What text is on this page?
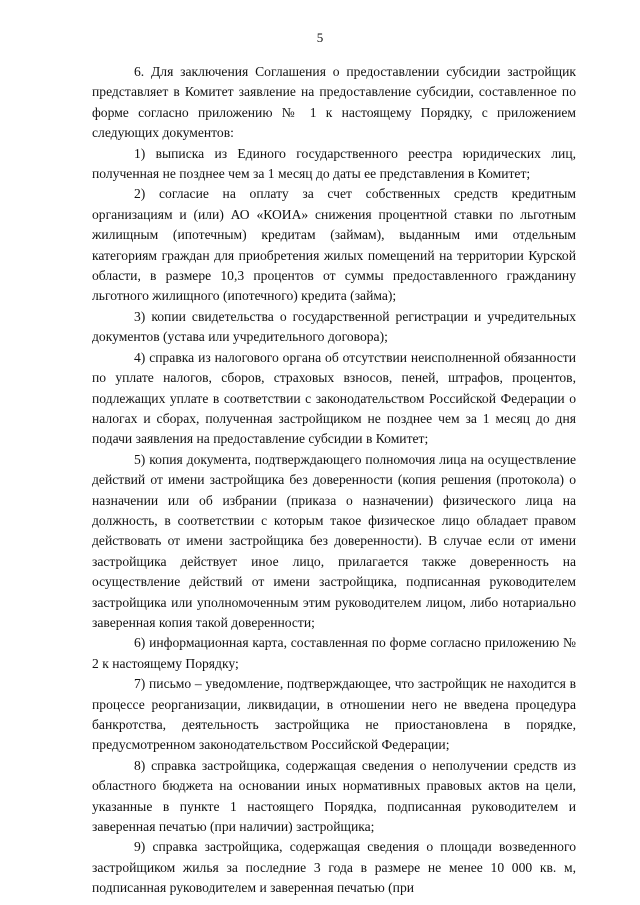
5

6. Для заключения Соглашения о предоставлении субсидии застройщик представляет в Комитет заявление на предоставление субсидии, составленное по форме согласно приложению № 1 к настоящему Порядку, с приложением следующих документов:

1) выписка из Единого государственного реестра юридических лиц, полученная не позднее чем за 1 месяц до даты ее представления в Комитет;

2) согласие на оплату за счет собственных средств кредитным организациям и (или) АО «КОИА» снижения процентной ставки по льготным жилищным (ипотечным) кредитам (займам), выданным ими отдельным категориям граждан для приобретения жилых помещений на территории Курской области, в размере 10,3 процентов от суммы предоставленного гражданину льготного жилищного (ипотечного) кредита (займа);

3) копии свидетельства о государственной регистрации и учредительных документов (устава или учредительного договора);

4) справка из налогового органа об отсутствии неисполненной обязанности по уплате налогов, сборов, страховых взносов, пеней, штрафов, процентов, подлежащих уплате в соответствии с законодательством Российской Федерации о налогах и сборах, полученная застройщиком не позднее чем за 1 месяц до дня подачи заявления на предоставление субсидии в Комитет;

5) копия документа, подтверждающего полномочия лица на осуществление действий от имени застройщика без доверенности (копия решения (протокола) о назначении или об избрании (приказа о назначении) физического лица на должность, в соответствии с которым такое физическое лицо обладает правом действовать от имени застройщика без доверенности). В случае если от имени застройщика действует иное лицо, прилагается также доверенность на осуществление действий от имени застройщика, подписанная руководителем застройщика или уполномоченным этим руководителем лицом, либо нотариально заверенная копия такой доверенности;

6) информационная карта, составленная по форме согласно приложению № 2 к настоящему Порядку;

7) письмо – уведомление, подтверждающее, что застройщик не находится в процессе реорганизации, ликвидации, в отношении него не введена процедура банкротства, деятельность застройщика не приостановлена в порядке, предусмотренном законодательством Российской Федерации;

8) справка застройщика, содержащая сведения о неполучении средств из областного бюджета на основании иных нормативных правовых актов на цели, указанные в пункте 1 настоящего Порядка, подписанная руководителем и заверенная печатью (при наличии) застройщика;

9) справка застройщика, содержащая сведения о площади возведенного застройщиком жилья за последние 3 года в размере не менее 10 000 кв. м, подписанная руководителем и заверенная печатью (при
